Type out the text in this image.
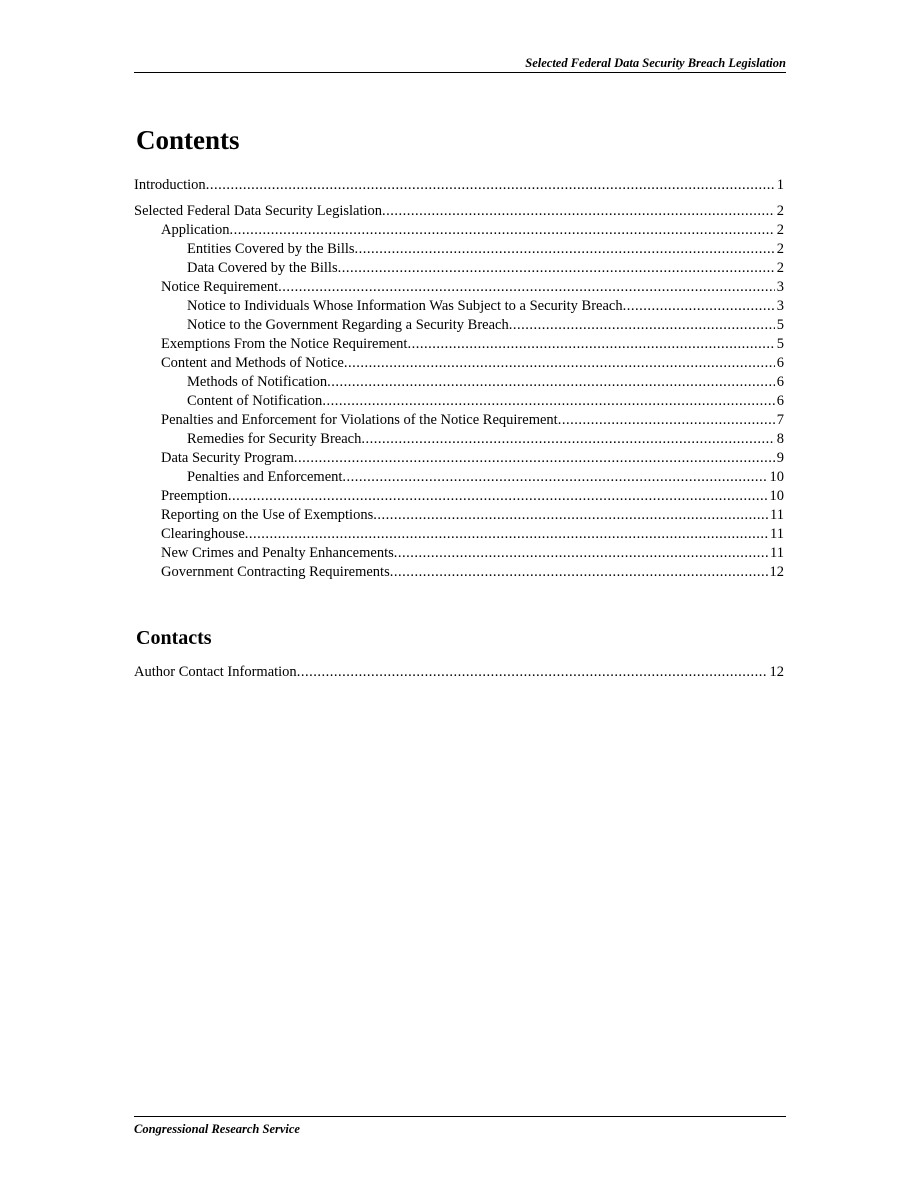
Selected Federal Data Security Breach Legislation
Contents
Introduction .....	1
Selected Federal Data Security Legislation .....	2
Application .....	2
Entities Covered by the Bills .....	2
Data Covered by the Bills .....	2
Notice Requirement .....	3
Notice to Individuals Whose Information Was Subject to a Security Breach .....	3
Notice to the Government Regarding a Security Breach .....	5
Exemptions From the Notice Requirement .....	5
Content and Methods of Notice .....	6
Methods of Notification .....	6
Content of Notification .....	6
Penalties and Enforcement for Violations of the Notice Requirement .....	7
Remedies for Security Breach .....	8
Data Security Program .....	9
Penalties and Enforcement .....	10
Preemption .....	10
Reporting on the Use of Exemptions .....	11
Clearinghouse .....	11
New Crimes and Penalty Enhancements .....	11
Government Contracting Requirements .....	12
Contacts
Author Contact Information .....	12
Congressional Research Service
